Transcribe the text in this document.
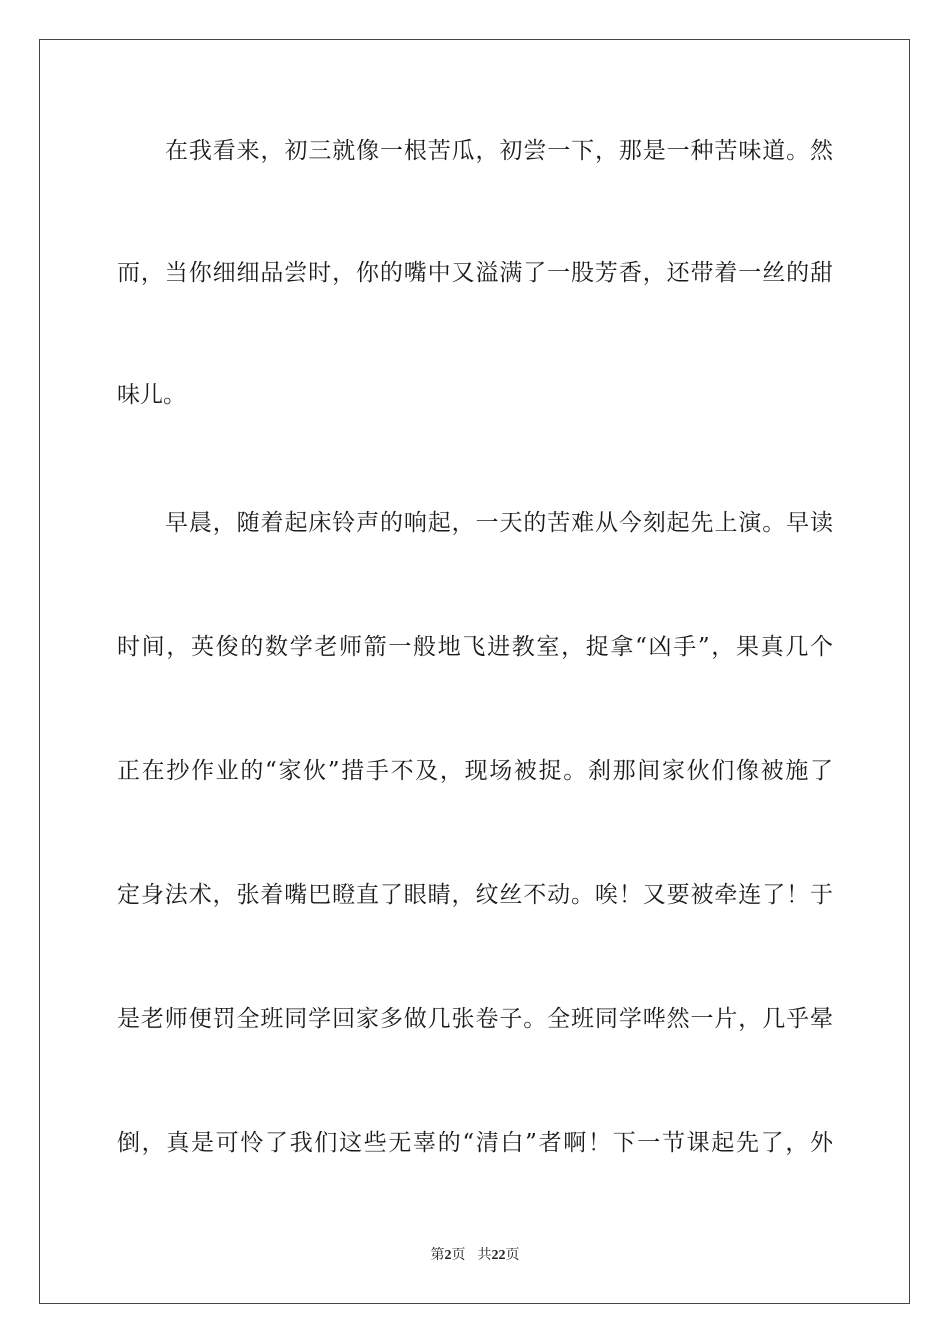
在我看来，初三就像一根苦瓜，初尝一下，那是一种苦味道。然
而，当你细细品尝时，你的嘴中又溢满了一股芳香，还带着一丝的甜
味儿。
早晨，随着起床铃声的响起，一天的苦难从今刻起先上演。早读
时间，英俊的数学老师箭一般地飞进教室，捉拿“凶手”，果真几个
正在抄作业的“家伙”措手不及，现场被捉。刹那间家伙们像被施了
定身法术，张着嘴巴瞪直了眼睛，纹丝不动。唉！又要被牵连了！于
是老师便罚全班同学回家多做几张卷子。全班同学哗然一片，几乎晕
倒，真是可怜了我们这些无辜的“清白”者啊！下一节课起先了，外
第2页 共22页
